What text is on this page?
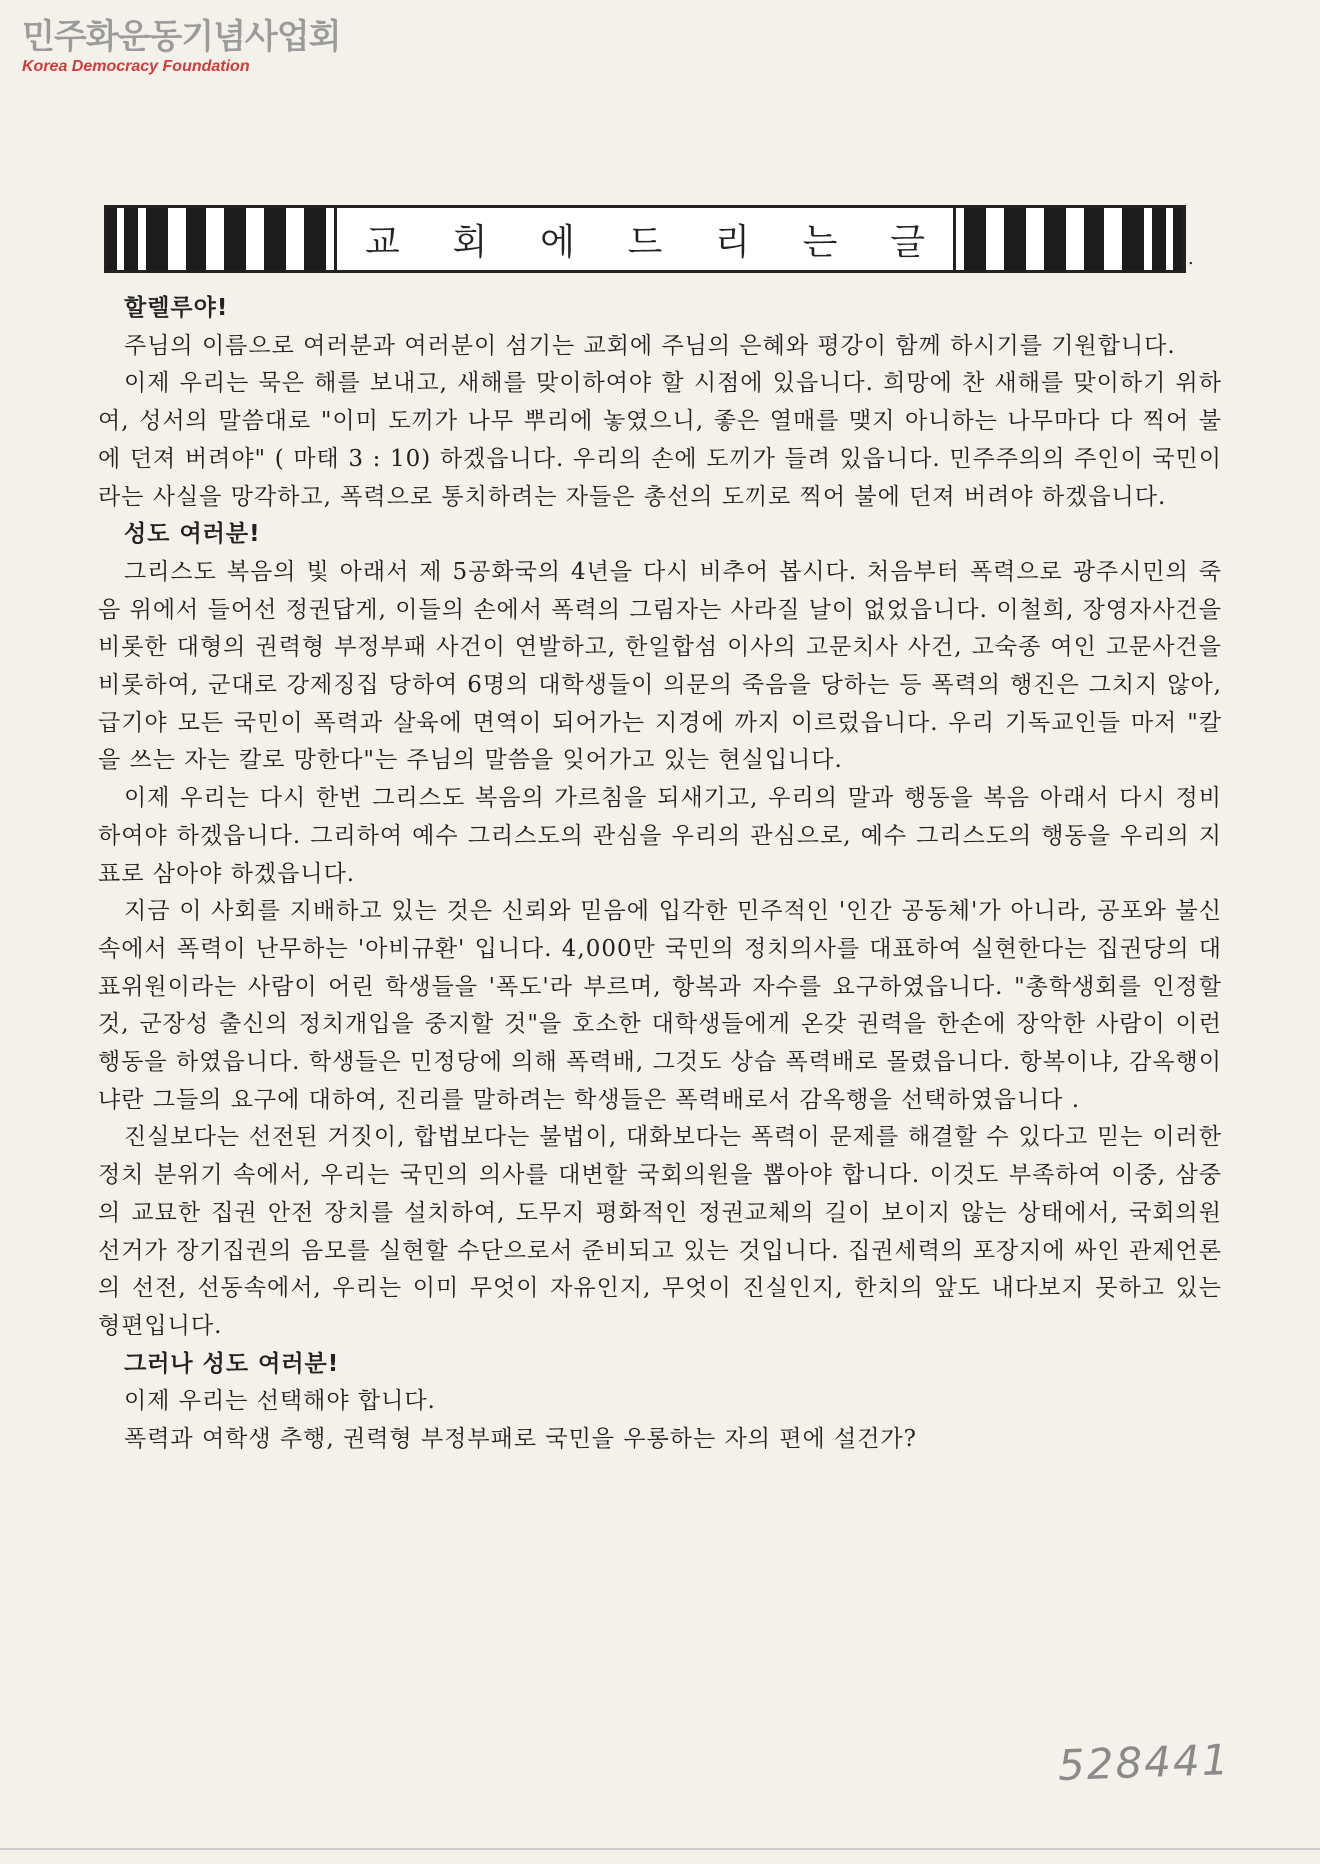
민주화운동기념사업회
Korea Democracy Foundation
교 회 에 드 리 는 글	.

할렐루야!

주님의 이름으로 여러분과 여러분이 섬기는 교회에 주님의 은혜와 평강이 함께 하시기를 기원합니다.

이제 우리는 묵은 해를 보내고, 새해를 맞이하여야 할 시점에 있읍니다. 희망에 찬 새해를 맞이하기 위하여, 성서의 말씀대로 "이미 도끼가 나무 뿌리에 놓였으니, 좋은 열매를 맺지 아니하는 나무마다 다 찍어 불에 던져 버려야" ( 마태 3 : 10) 하겠읍니다. 우리의 손에 도끼가 들려 있읍니다. 민주주의의 주인이 국민이라는 사실을 망각하고, 폭력으로 통치하려는 자들은 총선의 도끼로 찍어 불에 던져 버려야 하겠읍니다.

성도 여러분!

그리스도 복음의 빛 아래서 제 5공화국의 4년을 다시 비추어 봅시다. 처음부터 폭력으로 광주시민의 죽음 위에서 들어선 정권답게, 이들의 손에서 폭력의 그림자는 사라질 날이 없었읍니다. 이철희, 장영자사건을 비롯한 대형의 권력형 부정부패 사건이 연발하고, 한일합섬 이사의 고문치사 사건, 고숙종 여인 고문사건을 비롯하여, 군대로 강제징집 당하여 6명의 대학생들이 의문의 죽음을 당하는 등 폭력의 행진은 그치지 않아, 급기야 모든 국민이 폭력과 살육에 면역이 되어가는 지경에 까지 이르렀읍니다. 우리 기독교인들 마저 "칼을 쓰는 자는 칼로 망한다"는 주님의 말씀을 잊어가고 있는 현실입니다.

이제 우리는 다시 한번 그리스도 복음의 가르침을 되새기고, 우리의 말과 행동을 복음 아래서 다시 정비하여야 하겠읍니다. 그리하여 예수 그리스도의 관심을 우리의 관심으로, 예수 그리스도의 행동을 우리의 지표로 삼아야 하겠읍니다.

지금 이 사회를 지배하고 있는 것은 신뢰와 믿음에 입각한 민주적인 '인간 공동체'가 아니라, 공포와 불신 속에서 폭력이 난무하는 '아비규환' 입니다. 4,000만 국민의 정치의사를 대표하여 실현한다는 집권당의 대표위원이라는 사람이 어린 학생들을 '폭도'라 부르며, 항복과 자수를 요구하였읍니다. "총학생회를 인정할 것, 군장성 출신의 정치개입을 중지할 것"을 호소한 대학생들에게 온갖 권력을 한손에 장악한 사람이 이런 행동을 하였읍니다. 학생들은 민정당에 의해 폭력배, 그것도 상습 폭력배로 몰렸읍니다. 항복이냐, 감옥행이냐란 그들의 요구에 대하여, 진리를 말하려는 학생들은 폭력배로서 감옥행을 선택하였읍니다 .

진실보다는 선전된 거짓이, 합법보다는 불법이, 대화보다는 폭력이 문제를 해결할 수 있다고 믿는 이러한 정치 분위기 속에서, 우리는 국민의 의사를 대변할 국회의원을 뽑아야 합니다. 이것도 부족하여 이중, 삼중의 교묘한 집권 안전 장치를 설치하여, 도무지 평화적인 정권교체의 길이 보이지 않는 상태에서, 국회의원 선거가 장기집권의 음모를 실현할 수단으로서 준비되고 있는 것입니다. 집권세력의 포장지에 싸인 관제언론의 선전, 선동속에서, 우리는 이미 무엇이 자유인지, 무엇이 진실인지, 한치의 앞도 내다보지 못하고 있는 형편입니다.

그러나 성도 여러분!

이제 우리는 선택해야 합니다.

폭력과 여학생 추행, 권력형 부정부패로 국민을 우롱하는 자의 편에 설건가?

528441
